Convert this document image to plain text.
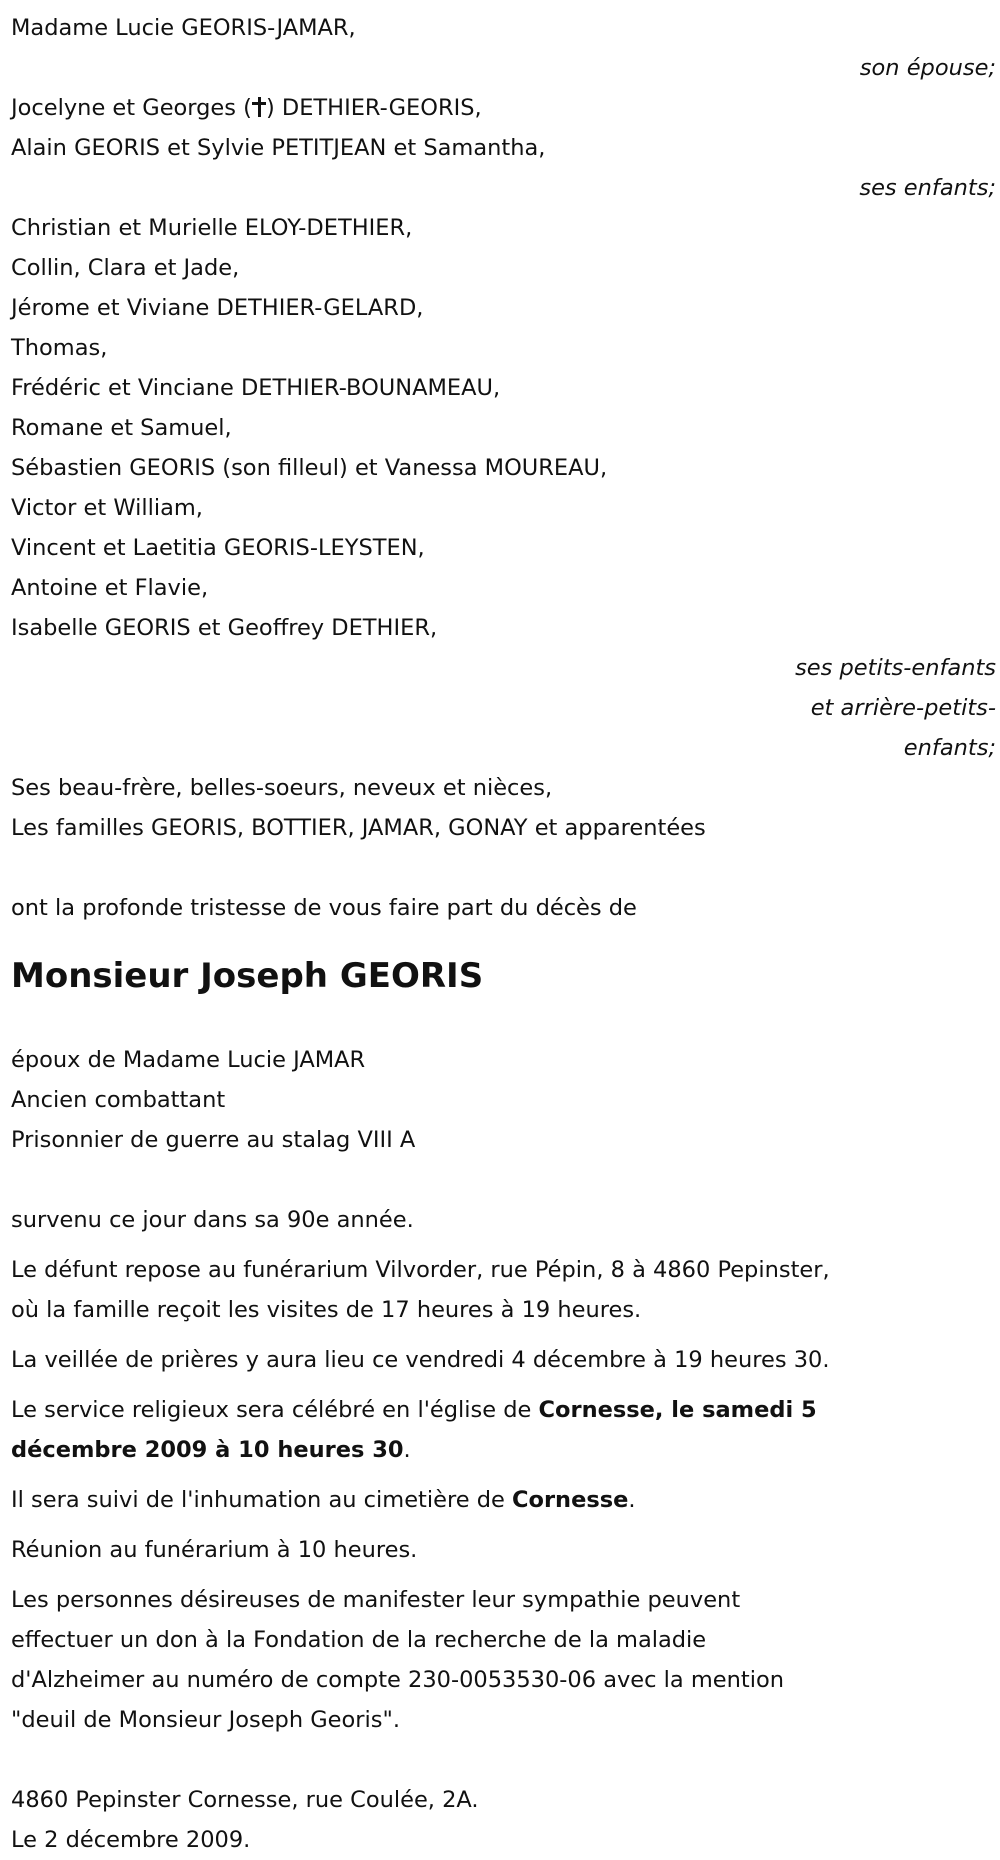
Madame Lucie GEORIS-JAMAR,
son épouse;
Jocelyne et Georges ( ) DETHIER-GEORIS,
Alain GEORIS et Sylvie PETITJEAN et Samantha,
ses enfants;
Christian et Murielle ELOY-DETHIER,
Collin, Clara et Jade,
Jérome et Viviane DETHIER-GELARD,
Thomas,
Frédéric et Vinciane DETHIER-BOUNAMEAU,
Romane et Samuel,
Sébastien GEORIS (son filleul) et Vanessa MOUREAU,
Victor et William,
Vincent et Laetitia GEORIS-LEYSTEN,
Antoine et Flavie,
Isabelle GEORIS et Geoffrey DETHIER,
ses petits-enfants
et arrière-petits-
enfants;
Ses beau-frère, belles-soeurs, neveux et nièces,
Les familles GEORIS, BOTTIER, JAMAR, GONAY et apparentées
ont la profonde tristesse de vous faire part du décès de
Monsieur Joseph GEORIS
époux de Madame Lucie JAMAR
Ancien combattant
Prisonnier de guerre au stalag VIII A
survenu ce jour dans sa 90e année.
Le défunt repose au funérarium Vilvorder, rue Pépin, 8 à 4860 Pepinster,
où la famille reçoit les visites de 17 heures à 19 heures.
La veillée de prières y aura lieu ce vendredi 4 décembre à 19 heures 30.
Le service religieux sera célébré en l'église de Cornesse, le samedi 5
décembre 2009 à 10 heures 30.
Il sera suivi de l'inhumation au cimetière de Cornesse.
Réunion au funérarium à 10 heures.
Les personnes désireuses de manifester leur sympathie peuvent
effectuer un don à la Fondation de la recherche de la maladie
d'Alzheimer au numéro de compte 230-0053530-06 avec la mention
"deuil de Monsieur Joseph Georis".
4860 Pepinster Cornesse, rue Coulée, 2A.
Le 2 décembre 2009.
